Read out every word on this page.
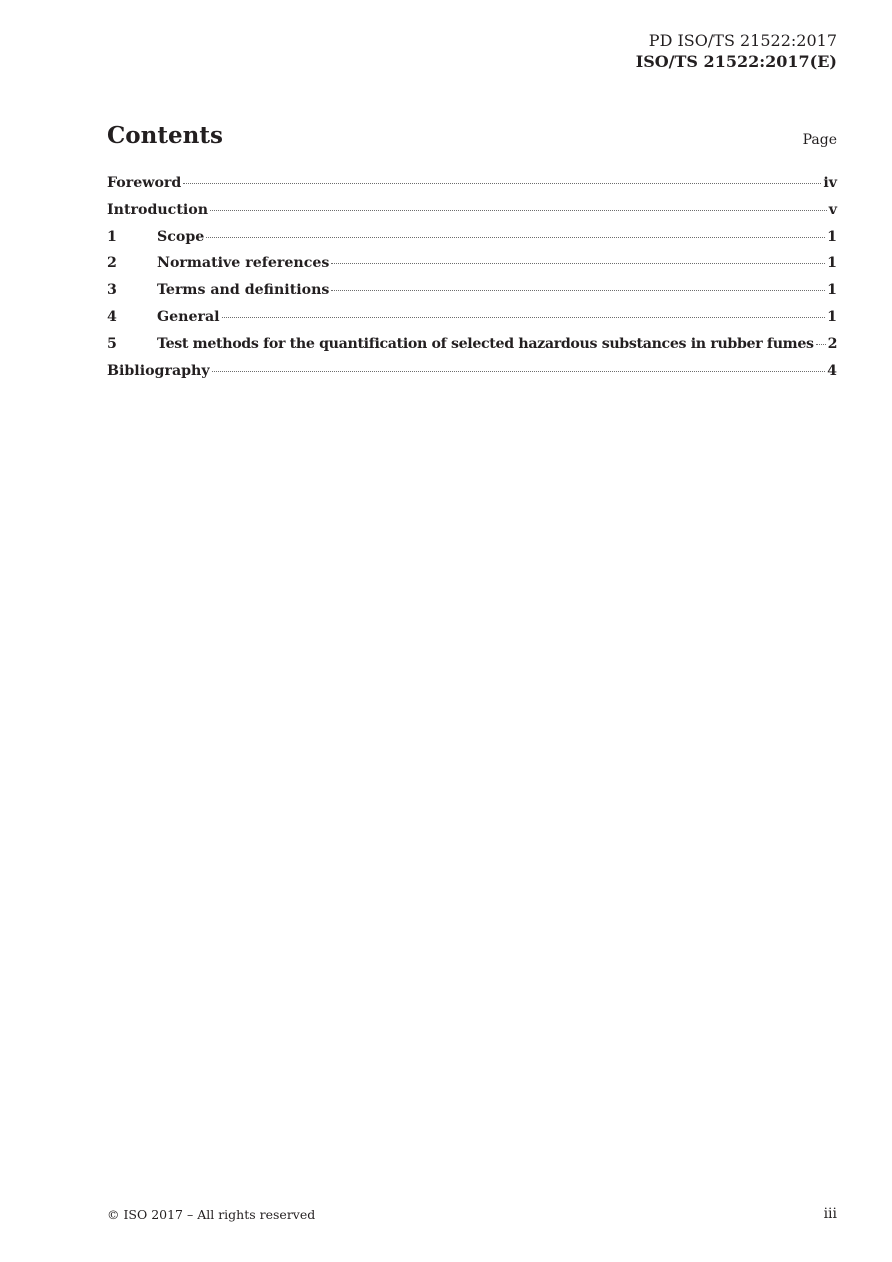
PD ISO/TS 21522:2017
ISO/TS 21522:2017(E)
Contents	Page
Foreword	iv
Introduction	v
1	Scope	1
2	Normative references	1
3	Terms and definitions	1
4	General	1
5	Test methods for the quantification of selected hazardous substances in rubber fumes 2
Bibliography	4
© ISO 2017 – All rights reserved	iii
